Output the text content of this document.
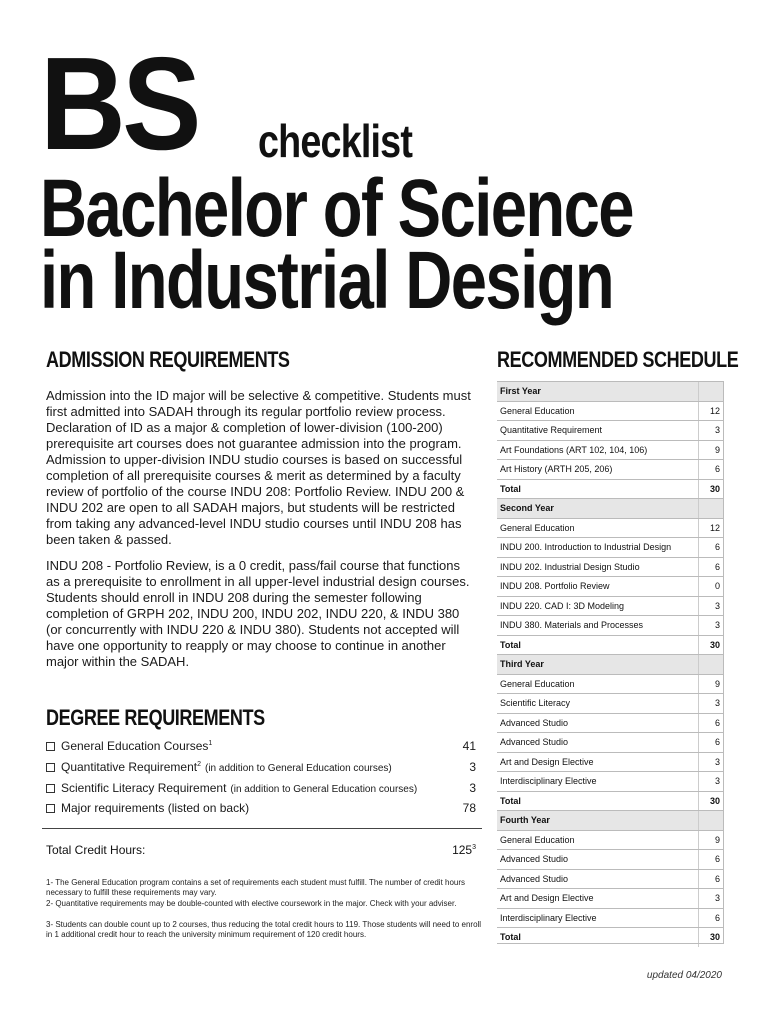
BS checklist
Bachelor of Science
in Industrial Design
ADMISSION REQUIREMENTS

Admission into the ID major will be selective & competitive. Students must first admitted into SADAH through its regular portfolio review process. Declaration of ID as a major & completion of lower-division (100-200) prerequisite art courses does not guarantee admission into the program. Admission to upper-division INDU studio courses is based on successful completion of all prerequisite courses & merit as determined by a faculty review of portfolio of the course INDU 208: Portfolio Review. INDU 200 & INDU 202 are open to all SADAH majors, but students will be restricted from taking any advanced-level INDU studio courses until INDU 208 has been taken & passed.

INDU 208 - Portfolio Review, is a 0 credit, pass/fail course that functions as a prerequisite to enrollment in all upper-level industrial design courses. Students should enroll in INDU 208 during the semester following completion of GRPH 202, INDU 200, INDU 202, INDU 220, & INDU 380 (or concurrently with INDU 220 & INDU 380). Students not accepted will have one opportunity to reapply or may choose to continue in another major within the SADAH.

DEGREE REQUIREMENTS
General Education Courses$^1$	41
Quantitative Requirement$^2$ (in addition to General Education courses)	3
Scientific Literacy Requirement (in addition to General Education courses)	3
Major requirements (listed on back)	78
Total Credit Hours:	$125^3$

1- The General Education program contains a set of requirements each student must fulfill. The number of credit hours necessary to fulfill these requirements may vary.

2- Quantitative requirements may be double-counted with elective coursework in the major. Check with your adviser.

3- Students can double count up to 2 courses, thus reducing the total credit hours to 119. Those students will need to enroll in 1 additional credit hour to reach the university minimum requirement of 120 credit hours.

RECOMMENDED SCHEDULE
First Year
General Education	12
Quantitative Requirement	3
Art Foundations (ART 102, 104, 106)	9
Art History (ARTH 205, 206)	6
Total	30
Second Year
General Education	12
INDU 200. Introduction to Industrial Design	6
INDU 202. Industrial Design Studio	6
INDU 208. Portfolio Review	0
INDU 220. CAD I: 3D Modeling	3
INDU 380. Materials and Processes	3
Total	30
Third Year
General Education	9
Scientific Literacy	3
Advanced Studio	6
Advanced Studio	6
Art and Design Elective	3
Interdisciplinary Elective	3
Total	30
Fourth Year
General Education	9
Advanced Studio	6
Advanced Studio	6
Art and Design Elective	3
Interdisciplinary Elective	6
Total	30
updated 04/2020
